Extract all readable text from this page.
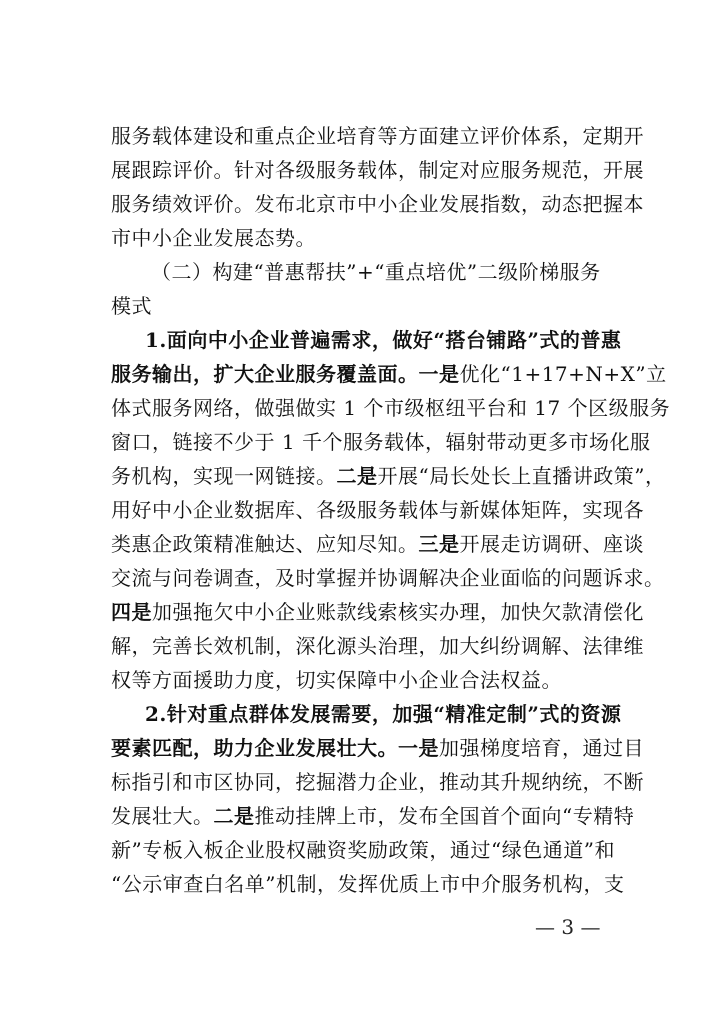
服务载体建设和重点企业培育等方面建立评价体系，定期开
展跟踪评价。针对各级服务载体，制定对应服务规范，开展
服务绩效评价。发布北京市中小企业发展指数，动态把握本
市中小企业发展态势。
（二）构建“普惠帮扶”+“重点培优”二级阶梯服务
模式
1.面向中小企业普遍需求，做好“搭台铺路”式的普惠
服务输出，扩大企业服务覆盖面。一是优化“1+17+N+X”立
体式服务网络，做强做实 1 个市级枢纽平台和 17 个区级服务
窗口，链接不少于 1 千个服务载体，辐射带动更多市场化服
务机构，实现一网链接。二是开展“局长处长上直播讲政策”，
用好中小企业数据库、各级服务载体与新媒体矩阵，实现各
类惠企政策精准触达、应知尽知。三是开展走访调研、座谈
交流与问卷调查，及时掌握并协调解决企业面临的问题诉求。
四是加强拖欠中小企业账款线索核实办理，加快欠款清偿化
解，完善长效机制，深化源头治理，加大纠纷调解、法律维
权等方面援助力度，切实保障中小企业合法权益。
2.针对重点群体发展需要，加强“精准定制”式的资源
要素匹配，助力企业发展壮大。一是加强梯度培育，通过目
标指引和市区协同，挖掘潜力企业，推动其升规纳统，不断
发展壮大。二是推动挂牌上市，发布全国首个面向“专精特
新”专板入板企业股权融资奖励政策，通过“绿色通道”和
“公示审查白名单”机制，发挥优质上市中介服务机构，支
— 3 —
